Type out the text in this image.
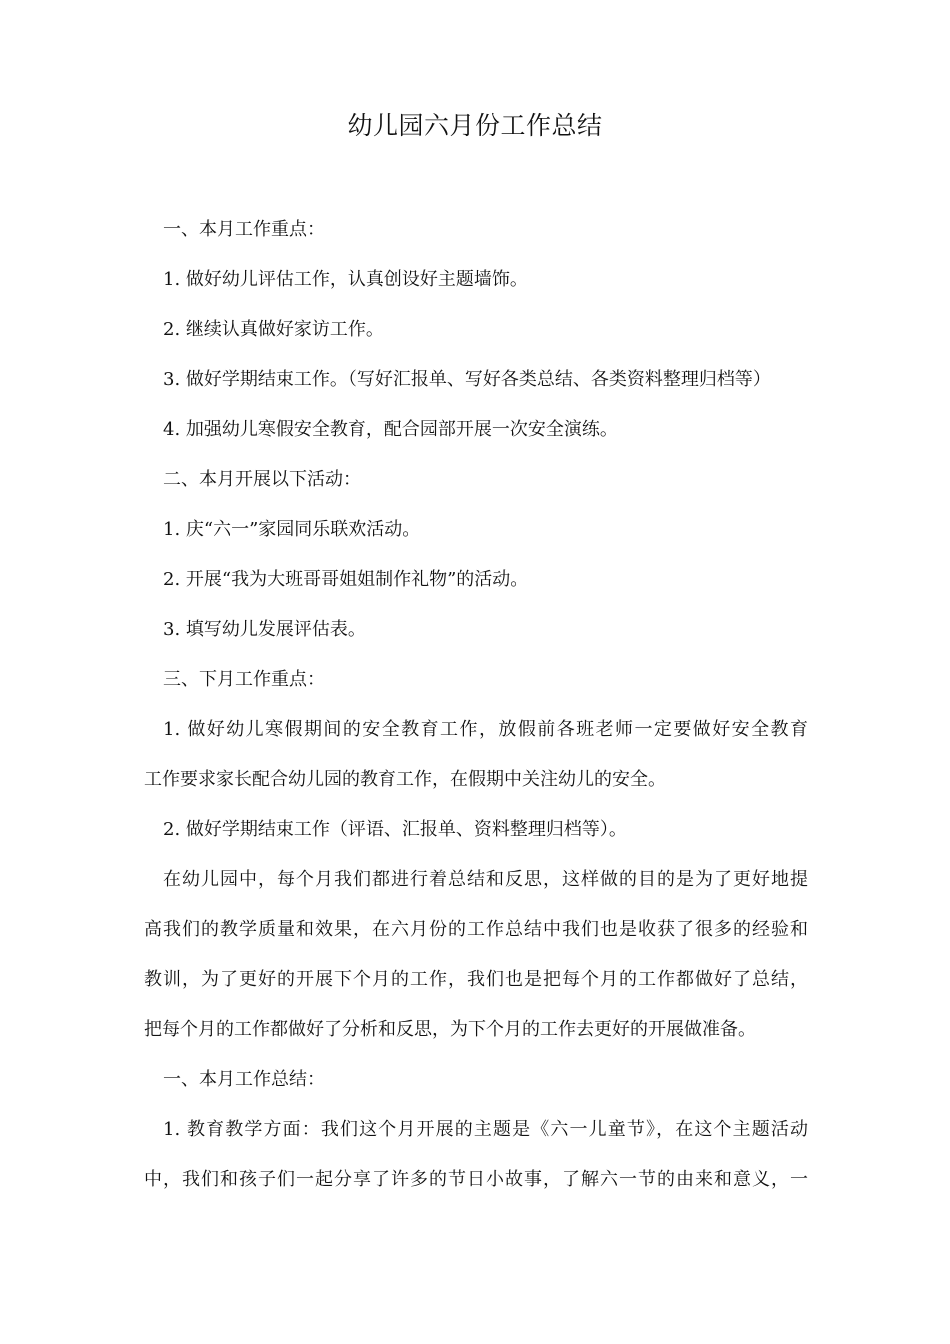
幼儿园六月份工作总结
一、本月工作重点：
1. 做好幼儿评估工作，认真创设好主题墙饰。
2. 继续认真做好家访工作。
3. 做好学期结束工作。（写好汇报单、写好各类总结、各类资料整理归档等）
4. 加强幼儿寒假安全教育，配合园部开展一次安全演练。
二、本月开展以下活动：
1. 庆“六一”家园同乐联欢活动。
2. 开展“我为大班哥哥姐姐制作礼物”的活动。
3. 填写幼儿发展评估表。
三、下月工作重点：
1. 做好幼儿寒假期间的安全教育工作，放假前各班老师一定要做好安全教育
工作要求家长配合幼儿园的教育工作，在假期中关注幼儿的安全。
2. 做好学期结束工作（评语、汇报单、资料整理归档等）。
在幼儿园中，每个月我们都进行着总结和反思，这样做的目的是为了更好地提
高我们的教学质量和效果，在六月份的工作总结中我们也是收获了很多的经验和
教训，为了更好的开展下个月的工作，我们也是把每个月的工作都做好了总结，
把每个月的工作都做好了分析和反思，为下个月的工作去更好的开展做准备。
一、本月工作总结：
1. 教育教学方面：我们这个月开展的主题是《六一儿童节》，在这个主题活动
中，我们和孩子们一起分享了许多的节日小故事，了解六一节的由来和意义，一
